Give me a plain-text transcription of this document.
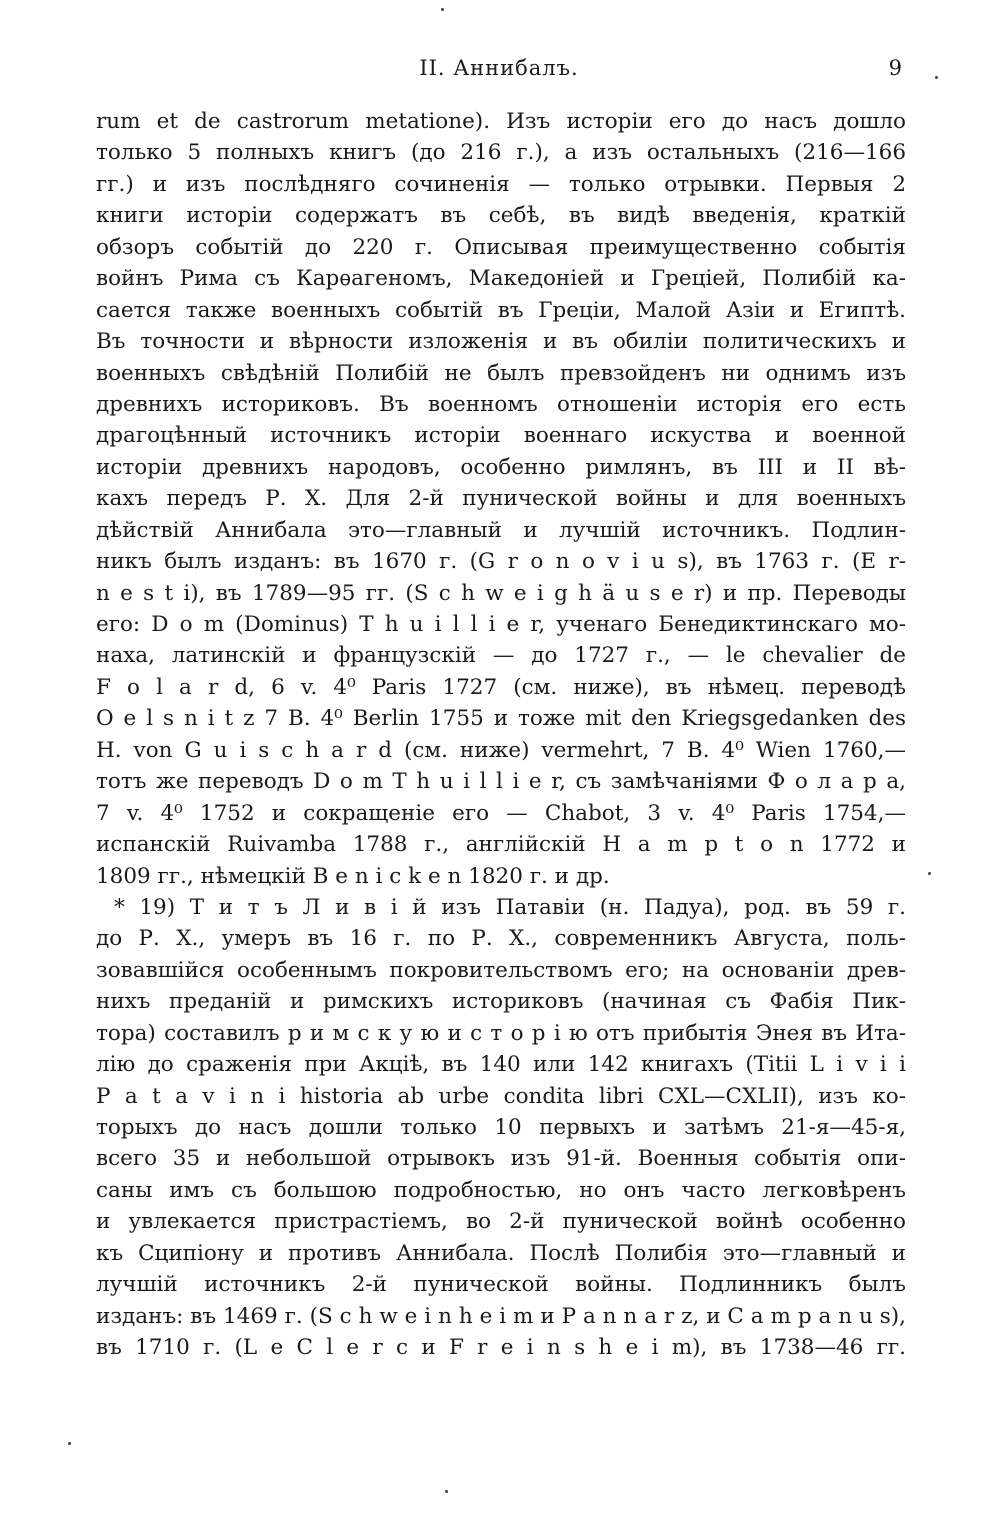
II. Аннибалъ.	9
rum et de castrorum metatione). Изъ исторіи его до насъ дошло
только 5 полныхъ книгъ (до 216 г.), а изъ остальныхъ (216—166
гг.) и изъ послѣдняго сочиненія — только отрывки. Первыя 2
книги исторіи содержатъ въ себѣ, въ видѣ введенія, краткій
обзоръ событій до 220 г. Описывая преимущественно событія
войнъ Рима съ Карѳагеномъ, Македоніей и Греціей, Полибій ка-
сается также военныхъ событій въ Греціи, Малой Азіи и Египтѣ.
Въ точности и вѣрности изложенія и въ обиліи политическихъ и
военныхъ свѣдѣній Полибій не былъ превзойденъ ни однимъ изъ
древнихъ историковъ. Въ военномъ отношеніи исторія его есть
драгоцѣнный источникъ исторіи военнаго искуства и военной
исторіи древнихъ народовъ, особенно римлянъ, въ III и II вѣ-
кахъ передъ Р. Х. Для 2-й пунической войны и для военныхъ
дѣйствій Аннибала это—главный и лучшій источникъ. Подлин-
никъ былъ изданъ: въ 1670 г. (G r o n o v i u s), въ 1763 г. (E r-
n e s t i), въ 1789—95 гг. (S c h w e i g h ä u s e r) и пр. Переводы
его: D o m (Dominus) T h u i l l i e r, ученаго Бенедиктинскаго мо-
наха, латинскій и французскій — до 1727 г., — le chevalier de
F o l a r d, 6 v. 4⁰ Paris 1727 (см. ниже), въ нѣмец. переводѣ
O e l s n i t z 7 B. 4⁰ Berlin 1755 и тоже mit den Kriegsgedanken des
H. von G u i s c h a r d (см. ниже) vermehrt, 7 B. 4⁰ Wien 1760,—
тотъ же переводъ D o m T h u i l l i e r, съ замѣчаніями Ф о л а р а,
7 v. 4⁰ 1752 и сокращеніе его — Chabot, 3 v. 4⁰ Paris 1754,—
испанскій Ruivamba 1788 г., англійскій H a m p t o n 1772 и
1809 гг., нѣмецкій B e n i c k e n 1820 г. и др.
* 19) Т и т ъ Л и в і й изъ Патавіи (н. Падуа), род. въ 59 г.
до Р. Х., умеръ въ 16 г. по Р. Х., современникъ Августа, поль-
зовавшійся особеннымъ покровительствомъ его; на основаніи древ-
нихъ преданій и римскихъ историковъ (начиная съ Фабія Пик-
тора) составилъ р и м с к у ю и с т о р і ю отъ прибытія Энея въ Ита-
лію до сраженія при Акціѣ, въ 140 или 142 книгахъ (Titii L i v i i
P a t a v i n i historia ab urbe condita libri CXL—CXLII), изъ ко-
торыхъ до насъ дошли только 10 первыхъ и затѣмъ 21-я—45-я,
всего 35 и небольшой отрывокъ изъ 91-й. Военныя событія опи-
саны имъ съ большою подробностью, но онъ часто легковѣренъ
и увлекается пристрастіемъ, во 2-й пунической войнѣ особенно
къ Сципіону и противъ Аннибала. Послѣ Полибія это—главный и
лучшій источникъ 2-й пунической войны. Подлинникъ былъ
изданъ: въ 1469 г. (S c h w e i n h e i m и P a n n a r z, и C a m p a n u s),
въ 1710 г. (L e C l e r c и F r e i n s h e i m), въ 1738—46 гг.
